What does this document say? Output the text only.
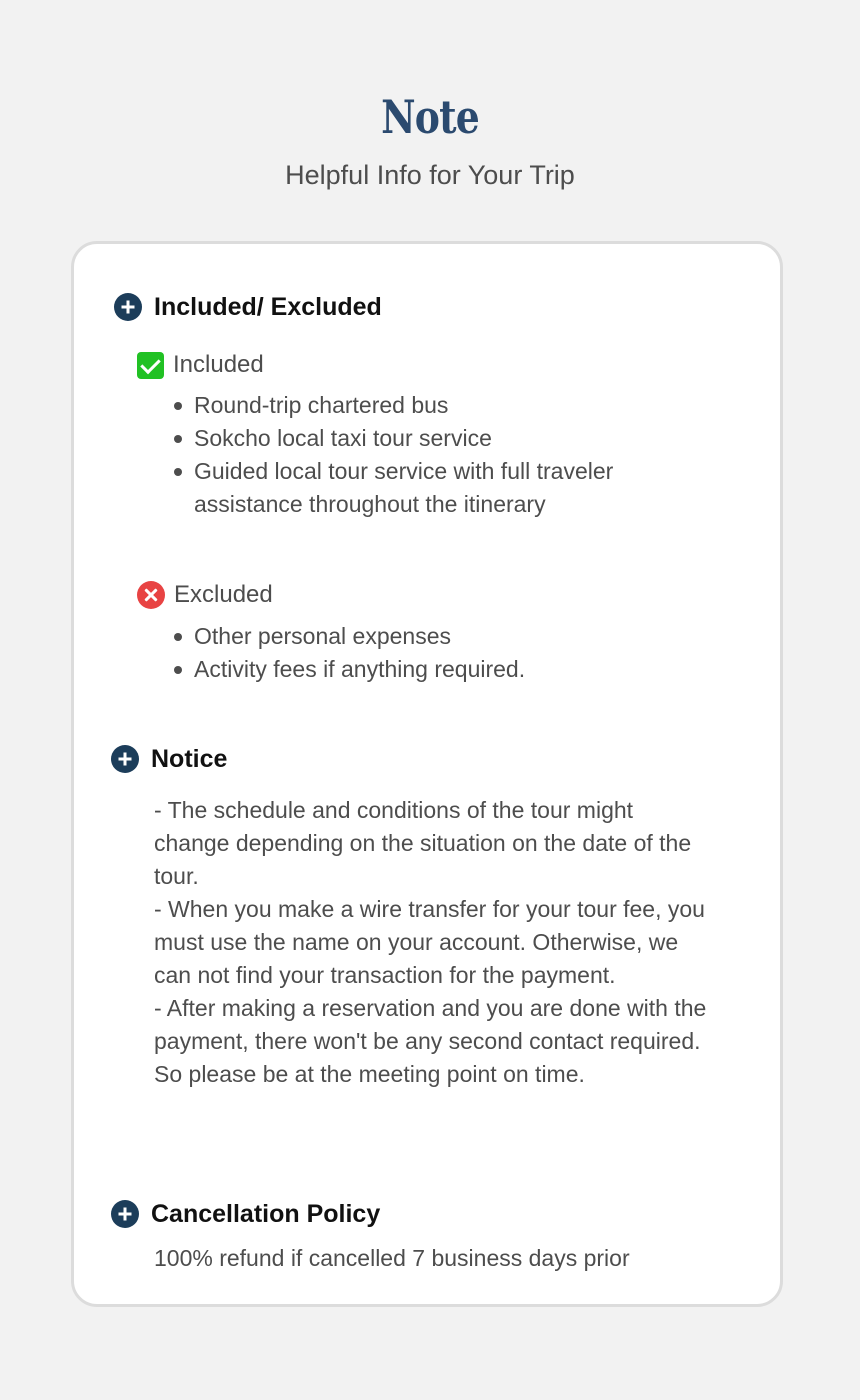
Note
Helpful Info for Your Trip
Included/ Excluded
Included
Round-trip chartered bus
Sokcho local taxi tour service
Guided local tour service with full traveler assistance throughout the itinerary
Excluded
Other personal expenses
Activity fees if anything required.
Notice

- The schedule and conditions of the tour might change depending on the situation on the date of the tour.

- When you make a wire transfer for your tour fee, you must use the name on your account. Otherwise, we can not find your transaction for the payment.

- After making a reservation and you are done with the payment, there won't be any second contact required. So please be at the meeting point on time.

Cancellation Policy
100% refund if cancelled 7 business days prior
